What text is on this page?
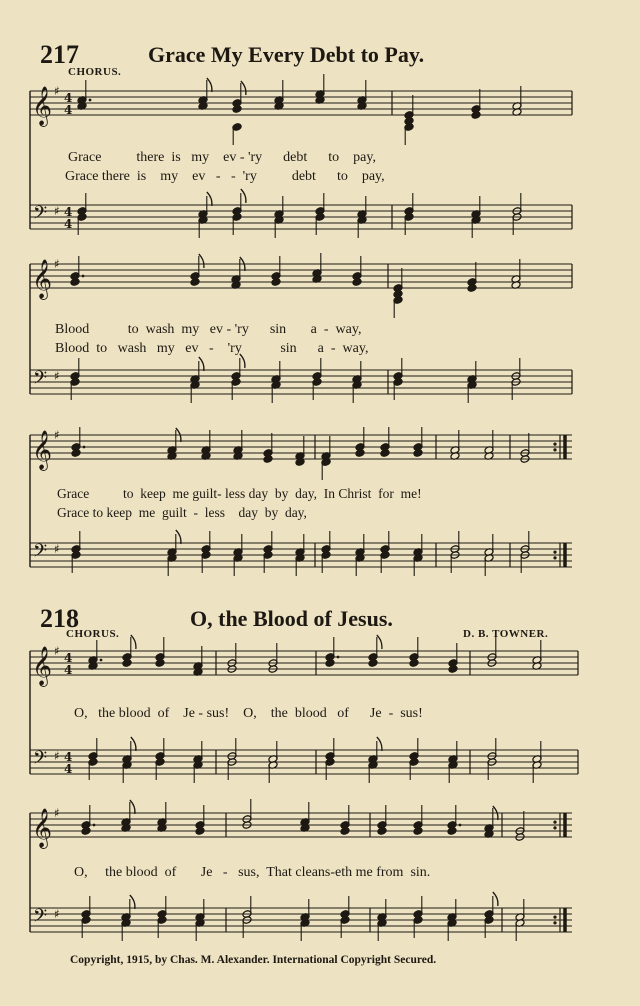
217	Grace My Every Debt to Pay.
CHORUS.
Grace          there  is   my    ev - 'ry      debt      to    pay,
Grace there  is    my    ev   -   -  'ry          debt      to    pay,
Blood           to  wash  my   ev - 'ry      sin       a  -  way,
Blood  to   wash   my   ev   -    'ry           sin      a  -  way,
Grace          to  keep  me guilt- less day  by  day,  In Christ  for  me!
Grace to keep  me  guilt  -  less    day  by  day,
218	O, the Blood of Jesus.
CHORUS.	D. B. TOWNER.
O,   the blood  of    Je - sus!    O,    the  blood   of      Je  -  sus!
O,     the blood  of       Je   -   sus,  That cleans-eth me from  sin.
Copyright, 1915, by Chas. M. Alexander. International Copyright Secured.
𝄞
𝄢
♯
♯
4
4
4
4
𝄞
𝄢
♯
♯
𝄞
𝄢
♯
♯
𝄞
𝄢
♯
♯
4
4
4
4
𝄞
𝄢
♯
♯
